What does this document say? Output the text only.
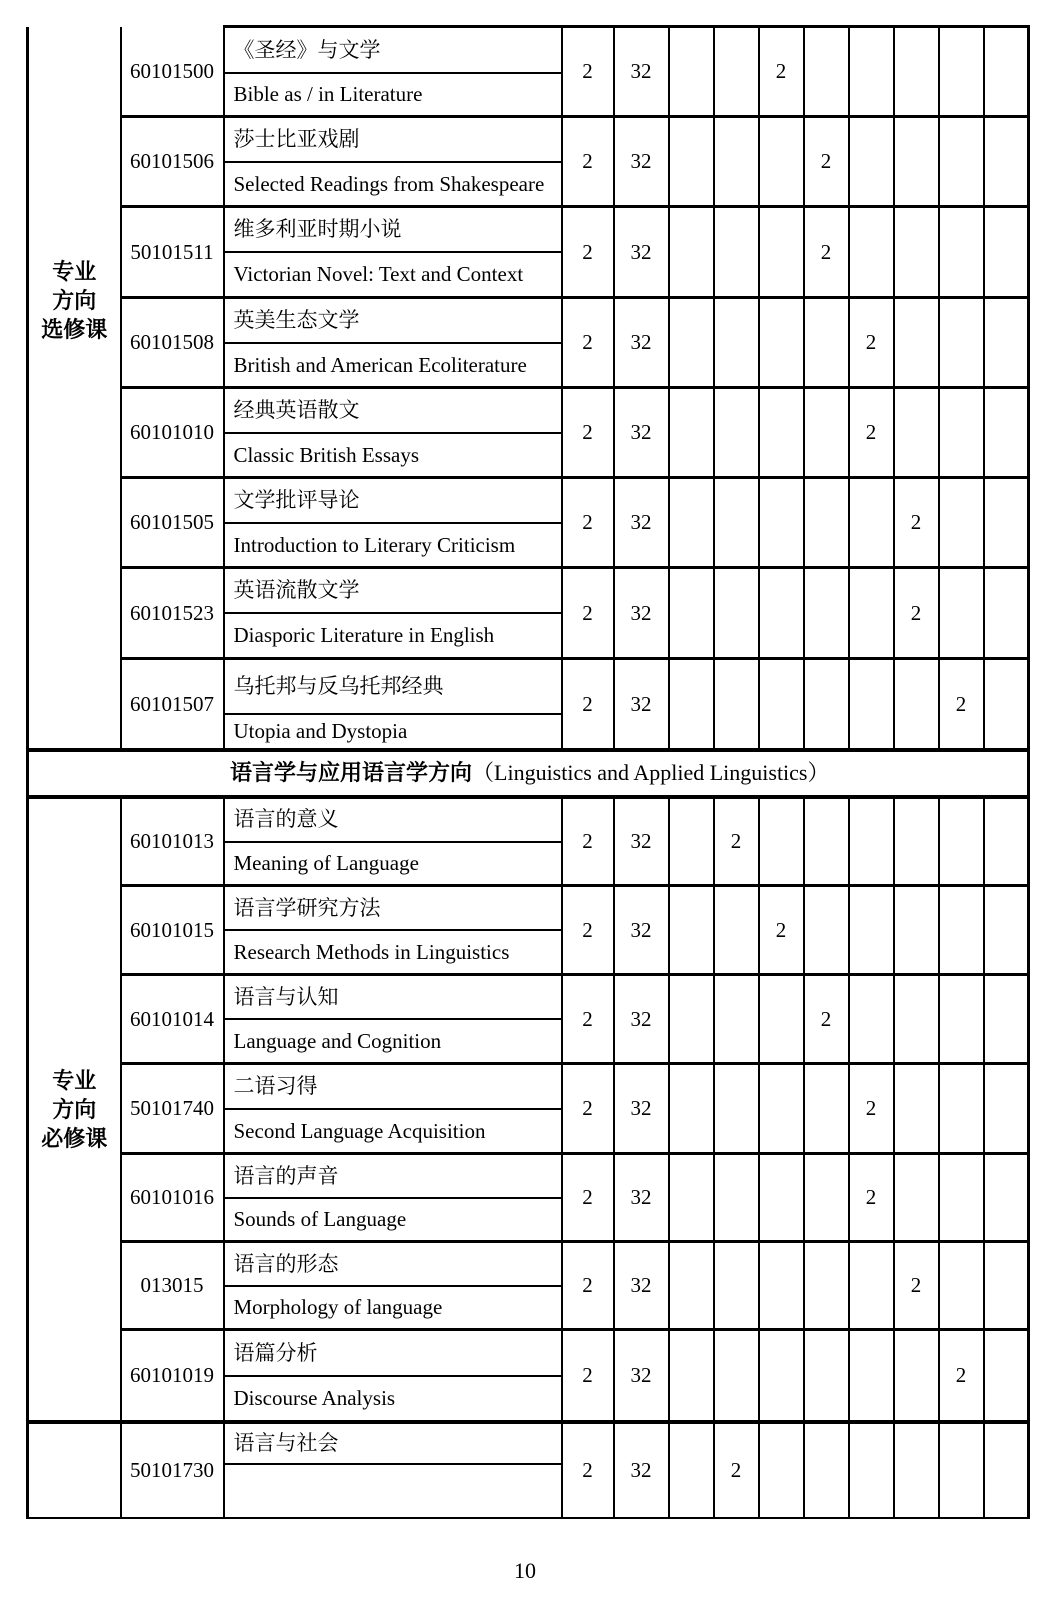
专业
方向
选修课	60101500	《圣经》与文学	2	32			2					
		Bible as / in Literature										
	60101506	莎士比亚戏剧	2	32				2				
		Selected Readings from Shakespeare										
	50101511	维多利亚时期小说	2	32				2				
		Victorian Novel: Text and Context										
	60101508	英美生态文学	2	32					2			
		British and American Ecoliterature										
	60101010	经典英语散文	2	32					2			
		Classic British Essays										
	60101505	文学批评导论	2	32						2		
		Introduction to Literary Criticism										
	60101523	英语流散文学	2	32						2		
		Diasporic Literature in English										
	60101507	乌托邦与反乌托邦经典	2	32							2	
		Utopia and Dystopia										
语言学与应用语言学方向（Linguistics and Applied Linguistics）												

专业
方向
必修课	60101013	语言的意义	2	32		2						
		Meaning of Language										
	60101015	语言学研究方法	2	32			2					
		Research Methods in Linguistics										
	60101014	语言与认知	2	32				2				
		Language and Cognition										
	50101740	二语习得	2	32					2			
		Second Language Acquisition										
	60101016	语言的声音	2	32					2			
		Sounds of Language										
	013015	语言的形态	2	32						2		
		Morphology of language										
	60101019	语篇分析	2	32							2	
		Discourse Analysis										
	50101730	语言与社会	2	32		2						

10
